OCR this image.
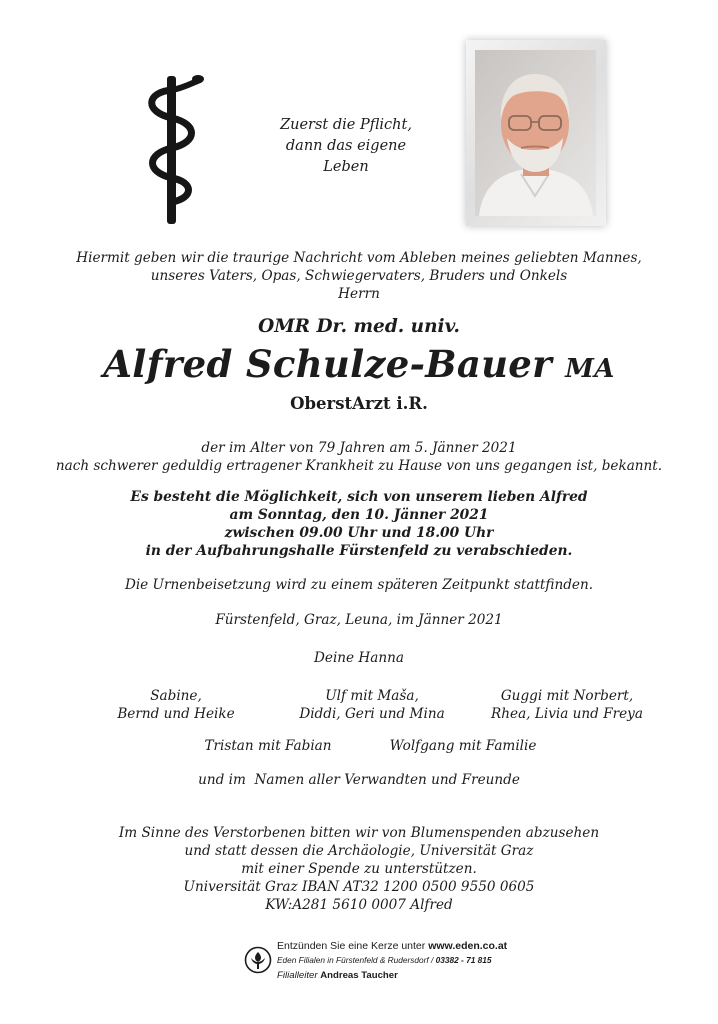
Zuerst die Pflicht,
dann das eigene Leben
Hiermit geben wir die traurige Nachricht vom Ableben meines geliebten Mannes,
unseres Vaters, Opas, Schwiegervaters, Bruders und Onkels
Herrn
OMR Dr. med. univ.
Alfred Schulze-Bauer MA
OberstArzt i.R.
der im Alter von 79 Jahren am 5. Jänner 2021
nach schwerer geduldig ertragener Krankheit zu Hause von uns gegangen ist, bekannt.
Es besteht die Möglichkeit, sich von unserem lieben Alfred
am Sonntag, den 10. Jänner 2021
zwischen 09.00 Uhr und 18.00 Uhr
in der Aufbahrungshalle Fürstenfeld zu verabschieden.
Die Urnenbeisetzung wird zu einem späteren Zeitpunkt stattfinden.
Fürstenfeld, Graz, Leuna, im Jänner 2021
Deine Hanna
Sabine,
Bernd und Heike
Ulf mit Maša,
Diddi, Geri und Mina
Guggi mit Norbert,
Rhea, Livia und Freya
Tristan mit Fabian	Wolfgang mit Familie
und im  Namen aller Verwandten und Freunde
Im Sinne des Verstorbenen bitten wir von Blumenspenden abzusehen
und statt dessen die Archäologie, Universität Graz
mit einer Spende zu unterstützen.
Universität Graz IBAN AT32 1200 0500 9550 0605
KW:A281 5610 0007 Alfred
Entzünden Sie eine Kerze unter www.eden.co.at
Eden Filialen in Fürstenfeld & Rudersdorf / 03382 - 71 815
Filialleiter Andreas Taucher
